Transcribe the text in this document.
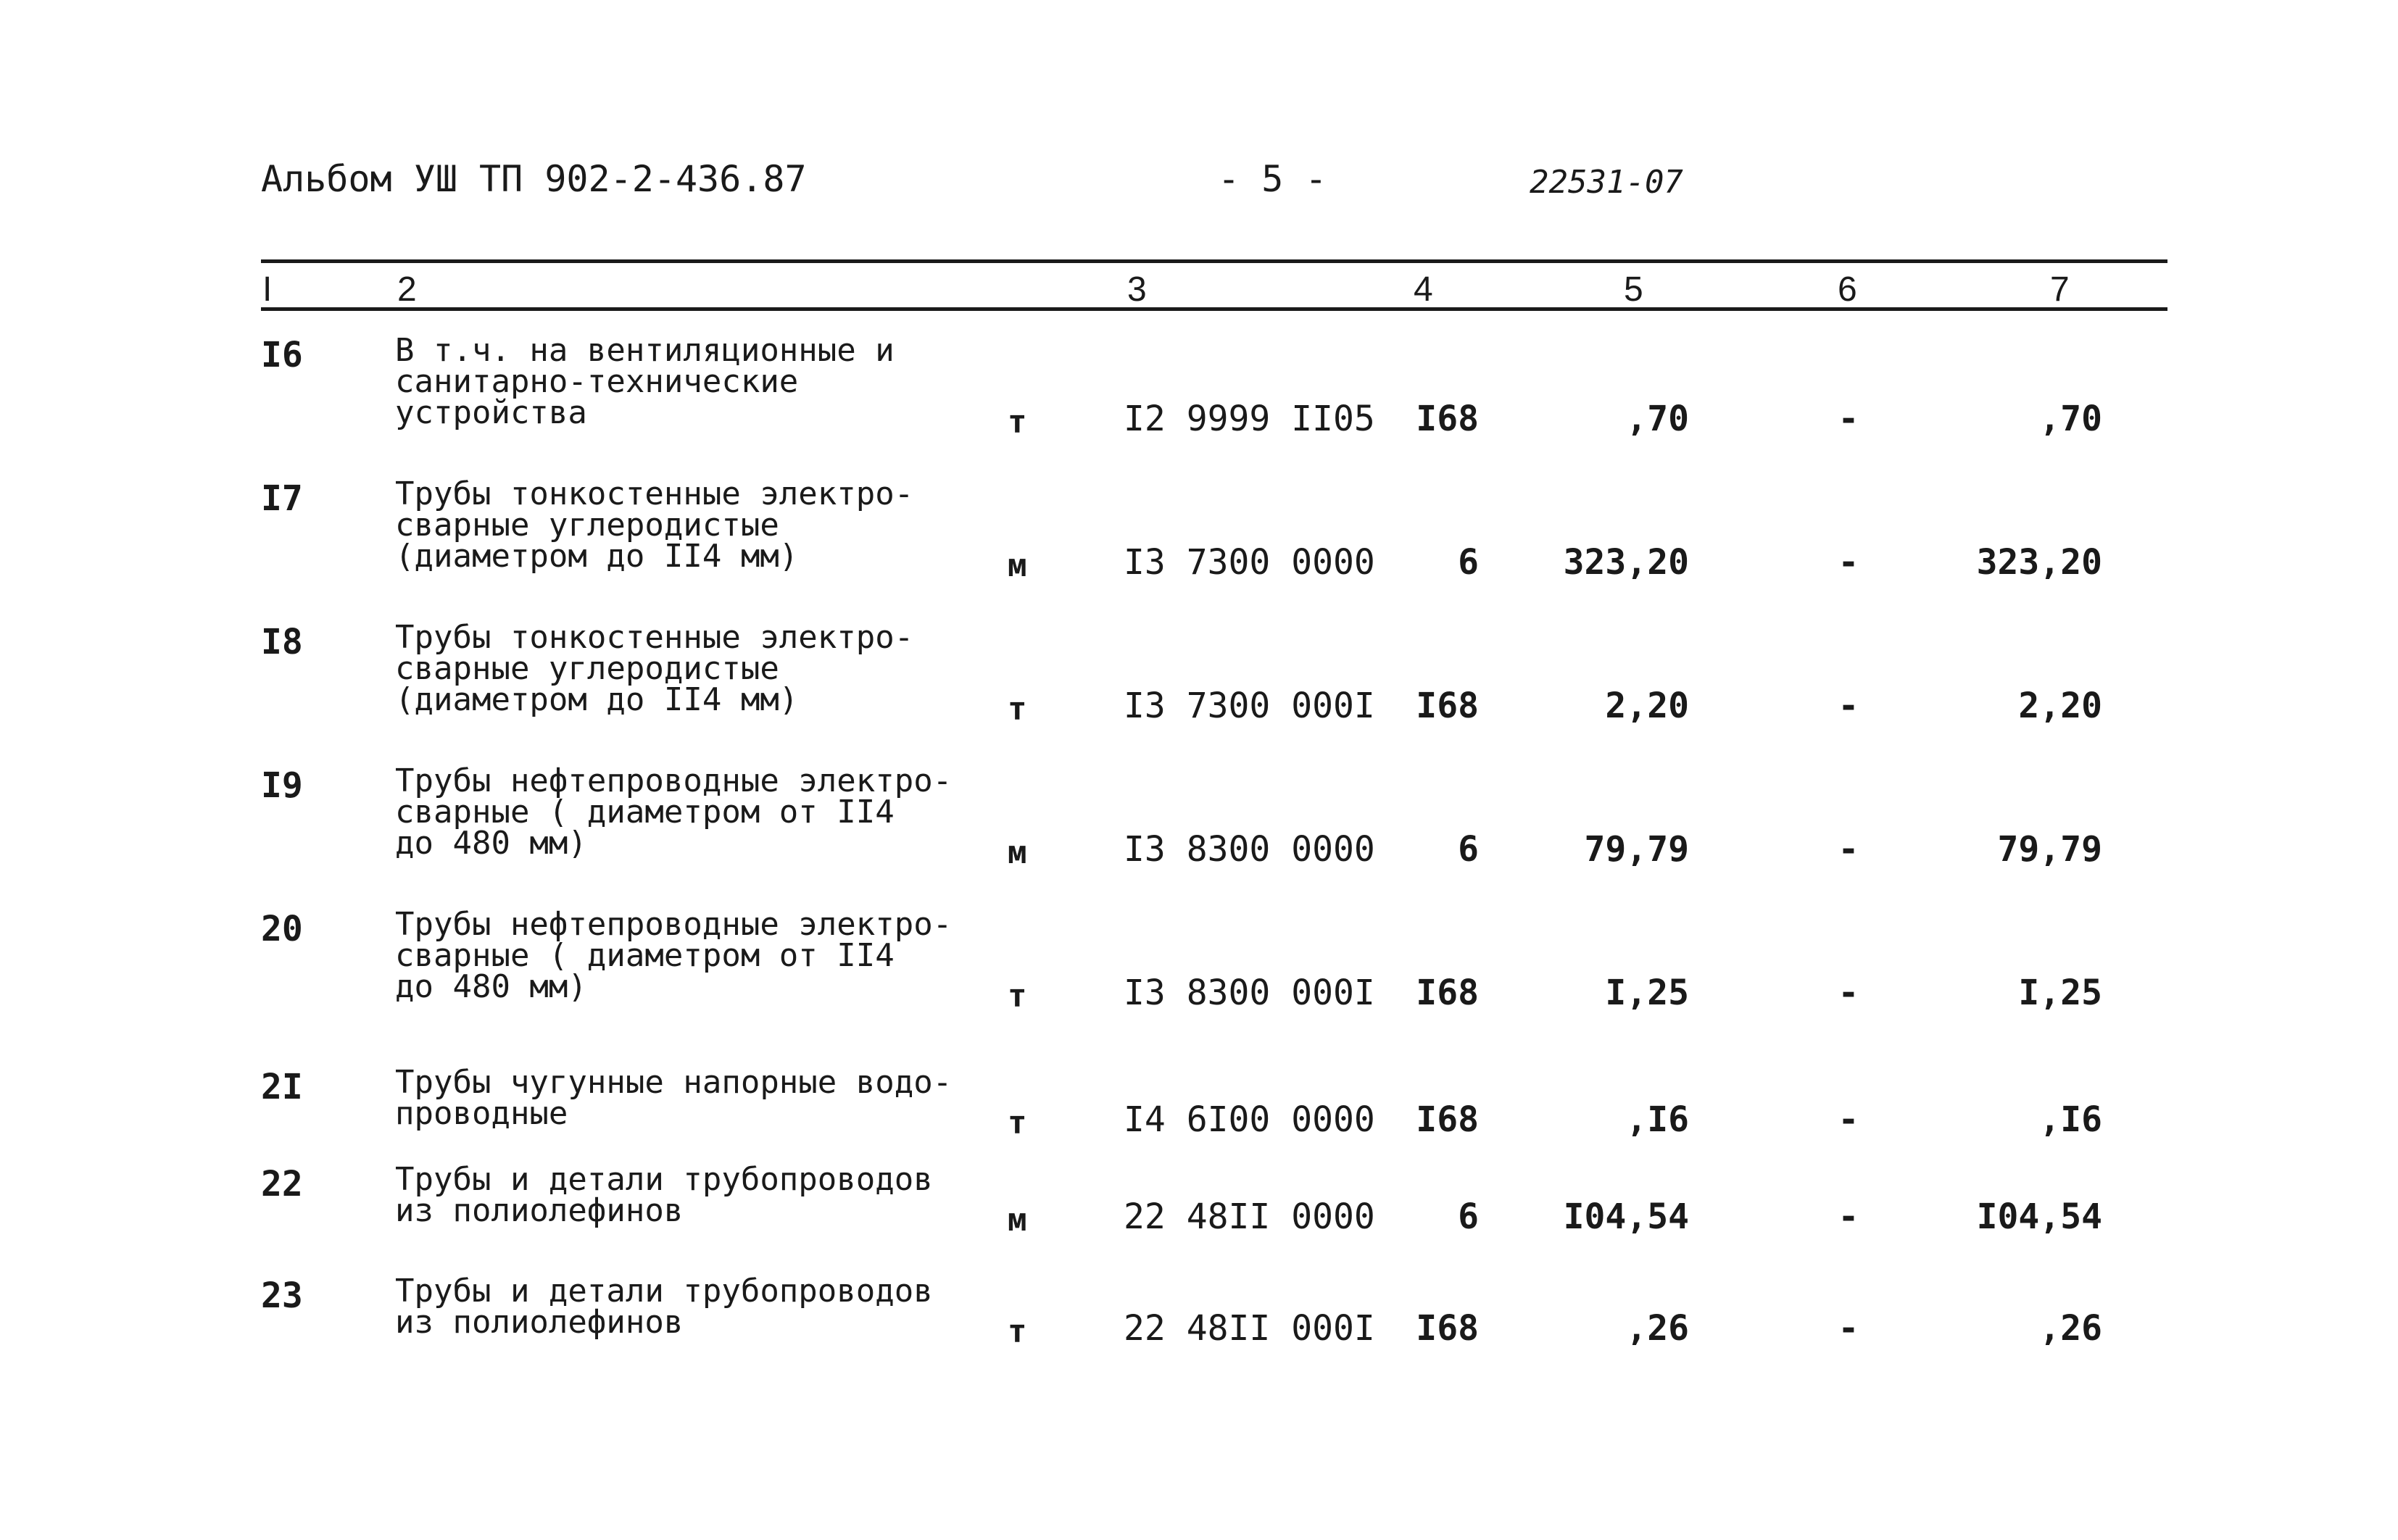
Альбом УШ ТП 902-2-436.87	- 5 -	22531-07
I	2	3	4	5	6	7
I6	В т.ч. на вентиляционные и
санитарно-технические
устройства	т	I2 9999 II05	I68	,70	-	,70
I7	Трубы тонкостенные электро-
сварные углеродистые
(диаметром до II4 мм)	м	I3 7300 0000	6	323,20	-	323,20
I8	Трубы тонкостенные электро-
сварные углеродистые
(диаметром до II4 мм)	т	I3 7300 000I	I68	2,20	-	2,20
I9	Трубы нефтепроводные электро-
сварные ( диаметром от II4
до 480 мм)	м	I3 8300 0000	6	79,79	-	79,79
20	Трубы нефтепроводные электро-
сварные ( диаметром от II4
до 480 мм)	т	I3 8300 000I	I68	I,25	-	I,25
2I	Трубы чугунные напорные водо-
проводные	т	I4 6I00 0000	I68	,I6	-	,I6
22	Трубы и детали трубопроводов
из полиолефинов	м	22 48II 0000	6	I04,54	-	I04,54
23	Трубы и детали трубопроводов
из полиолефинов	т	22 48II 000I	I68	,26	-	,26
